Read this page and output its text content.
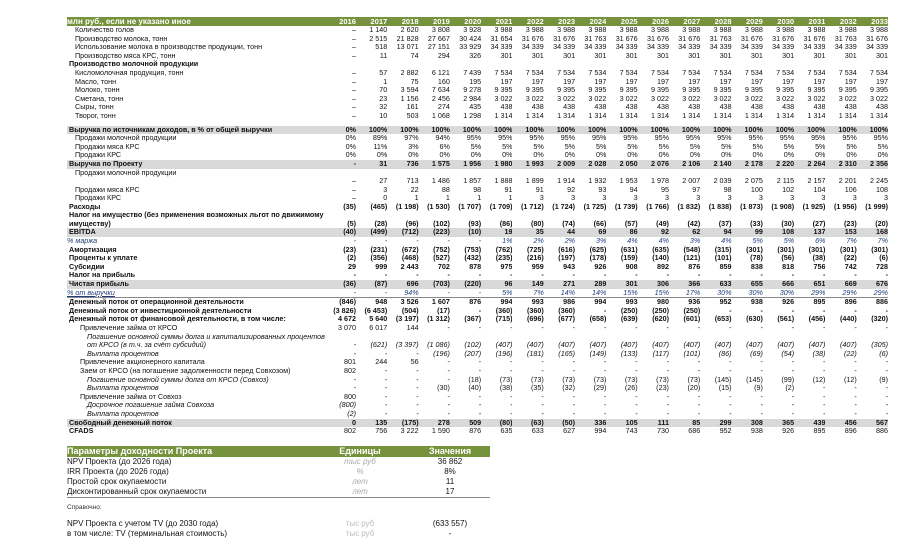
млн руб., если не указано иное	2016	2017	2018	2019	2020	2021	2022	2023	2024	2025	2026	2027	2028	2029	2030	2031	2032	2033
Количество голов	–	1 140	2 620	3 808	3 928	3 988	3 988	3 988	3 988	3 988	3 988	3 988	3 988	3 988	3 988	3 988	3 988	3 988
Производство молока, тонн	–	2 515	21 828	27 667	30 424	31 654	31 676	31 676	31 763	31 676	31 676	31 676	31 763	31 676	31 676	31 676	31 763	31 676
Использование молока в производстве продукции, тонн	–	518	13 071	27 151	33 929	34 339	34 339	34 339	34 339	34 339	34 339	34 339	34 339	34 339	34 339	34 339	34 339	34 339
Производство мяса КРС, тонн	–	11	74	294	326	301	301	301	301	301	301	301	301	301	301	301	301	301
Производство молочной продукции																		
Кисломолочная продукция, тонн	–	57	2 882	6 121	7 439	7 534	7 534	7 534	7 534	7 534	7 534	7 534	7 534	7 534	7 534	7 534	7 534	7 534
Масло, тонн	–	1	75	160	195	197	197	197	197	197	197	197	197	197	197	197	197	197
Молоко, тонн	–	70	3 594	7 634	9 278	9 395	9 395	9 395	9 395	9 395	9 395	9 395	9 395	9 395	9 395	9 395	9 395	9 395
Сметана, тонн	–	23	1 156	2 456	2 984	3 022	3 022	3 022	3 022	3 022	3 022	3 022	3 022	3 022	3 022	3 022	3 022	3 022
Сыры, тонн	–	32	161	274	435	438	438	438	438	438	438	438	438	438	438	438	438	438
Творог, тонн	–	10	503	1 068	1 298	1 314	1 314	1 314	1 314	1 314	1 314	1 314	1 314	1 314	1 314	1 314	1 314	1 314

Выручка по источникам доходов, в % от общей выручки	0%	100%	100%	100%	100%	100%	100%	100%	100%	100%	100%	100%	100%	100%	100%	100%	100%	100%
Продажи молочной продукции	0%	89%	97%	94%	95%	95%	95%	95%	95%	95%	95%	95%	95%	95%	95%	95%	95%	95%
Продажи мяса КРС	0%	11%	3%	6%	5%	5%	5%	5%	5%	5%	5%	5%	5%	5%	5%	5%	5%	5%
Продажи КРС	0%	0%	0%	0%	0%	0%	0%	0%	0%	0%	0%	0%	0%	0%	0%	0%	0%	0%
Выручка по Проекту	-	31	736	1 575	1 956	1 980	1 993	2 009	2 028	2 050	2 076	2 106	2 140	2 178	2 220	2 264	2 310	2 356
Продажи молочной продукции	–	27	713	1 486	1 857	1 888	1 899	1 914	1 932	1 953	1 978	2 007	2 039	2 075	2 115	2 157	2 201	2 245
Продажи мяса КРС	–	3	22	88	98	91	91	92	93	94	95	97	98	100	102	104	106	108
Продажи КРС	–	0	1	1	1	1	3	3	3	3	3	3	3	3	3	3	3	3
Расходы	(35)	(465)	(1 198)	(1 530)	(1 707)	(1 709)	(1 712)	(1 724)	(1 725)	(1 739)	(1 766)	(1 832)	(1 838)	(1 873)	(1 908)	(1 925)	(1 956)	(1 999)
Налог на имущество (без применения возможных льгот по движимому имуществу)	(5)	(28)	(96)	(102)	(93)	(86)	(80)	(74)	(66)	(57)	(49)	(42)	(37)	(33)	(30)	(27)	(23)	(20)
EBITDA	(40)	(499)	(712)	(223)	(10)	19	35	44	69	86	92	62	94	99	108	137	153	168
% маржа	-	-	-	-	-	1%	2%	2%	3%	4%	4%	3%	4%	5%	5%	6%	7%	7%
Амортизация	(23)	(231)	(672)	(752)	(753)	(762)	(725)	(616)	(625)	(631)	(635)	(548)	(315)	(301)	(301)	(301)	(301)	(301)
Проценты к уплате	(2)	(356)	(468)	(527)	(432)	(235)	(216)	(197)	(178)	(159)	(140)	(121)	(101)	(78)	(56)	(38)	(22)	(6)
Субсидии	29	999	2 443	702	878	975	959	943	926	908	892	876	859	838	818	756	742	728
Налог на прибыль	-	-	-	-	-	-	-	-	-	-	-	-	-	-	-	-	-	-
Чистая прибыль	(36)	(87)	696	(703)	(220)	96	149	271	289	301	306	366	633	655	666	651	669	676
% от выручки	-	-	94%	-	-	5%	7%	14%	14%	15%	15%	17%	30%	30%	30%	29%	29%	29%
Денежный поток от операционной деятельности	(846)	948	3 526	1 607	876	994	993	986	994	993	980	936	952	938	926	895	896	886
Денежный поток от инвестиционной деятельности	(3 826)	(6 453)	(504)	(17)	-	(360)	(360)	(360)	-	(250)	(250)	(250)	-	-	-	-	-	-
Денежный поток от финансовой деятельности, в том числе:	4 672	5 640	(3 197)	(1 312)	(367)	(715)	(696)	(677)	(658)	(639)	(620)	(601)	(653)	(630)	(561)	(456)	(440)	(320)
Привлечение займа от КРСО	3 070	6 017	144	-	-	-	-	-	-	-	-	-	-	-	-	-	-	-
Погашение основной суммы долга и капитализированных процентов от КРСО (в т.ч. за счёт субсидий)	-	(621)	(3 397)	(1 086)	(102)	(407)	(407)	(407)	(407)	(407)	(407)	(407)	(407)	(407)	(407)	(407)	(407)	(305)
Выплата процентов	-	-	-	(196)	(207)	(196)	(181)	(165)	(149)	(133)	(117)	(101)	(86)	(69)	(54)	(38)	(22)	(6)
Привлечение акционерного капитала	801	244	56	-	-	-	-	-	-	-	-	-	-	-	-	-	-	-
Заем от КРСО (на погашение задолженности перед Совхозом)	802	-	-	-	-	-	-	-	-	-	-	-	-	-	-	-	-	-
Погашение основной суммы долга от КРСО (Совхоз)	-	-	-	-	(18)	(73)	(73)	(73)	(73)	(73)	(73)	(73)	(145)	(145)	(99)	(12)	(12)	(9)
Выплата процентов	-	-	-	(30)	(40)	(38)	(35)	(32)	(29)	(26)	(23)	(20)	(15)	(9)	(2)	-	-	-
Привлечение займа от Совхоз	800	-	-	-	-	-	-	-	-	-	-	-	-	-	-	-	-	-
Досрочное погашение займа Совхоза	(800)	-	-	-	-	-	-	-	-	-	-	-	-	-	-	-	-	-
Выплата процентов	(2)	-	-	-	-	-	-	-	-	-	-	-	-	-	-	-	-	-
Свободный денежный поток	0	135	(175)	278	509	(80)	(63)	(50)	336	105	111	85	299	308	365	439	456	567
CFADS	802	756	3 222	1 590	876	635	633	627	994	743	730	686	952	938	926	895	896	886
Параметры доходности Проекта	Единицы	Значения
NPV Проекта (до 2026 года)	тыс руб	36 862
IRR Проекта (до 2026 года)	%	8%
Простой срок окупаемости	лет	11
Дисконтированный срок окупаемости	лет	17
Справочно:
NPV Проекта с учетом TV (до 2030 года)	тыс руб	(633 557)
в том числе: TV (терминальная стоимость)	тыс руб	-
